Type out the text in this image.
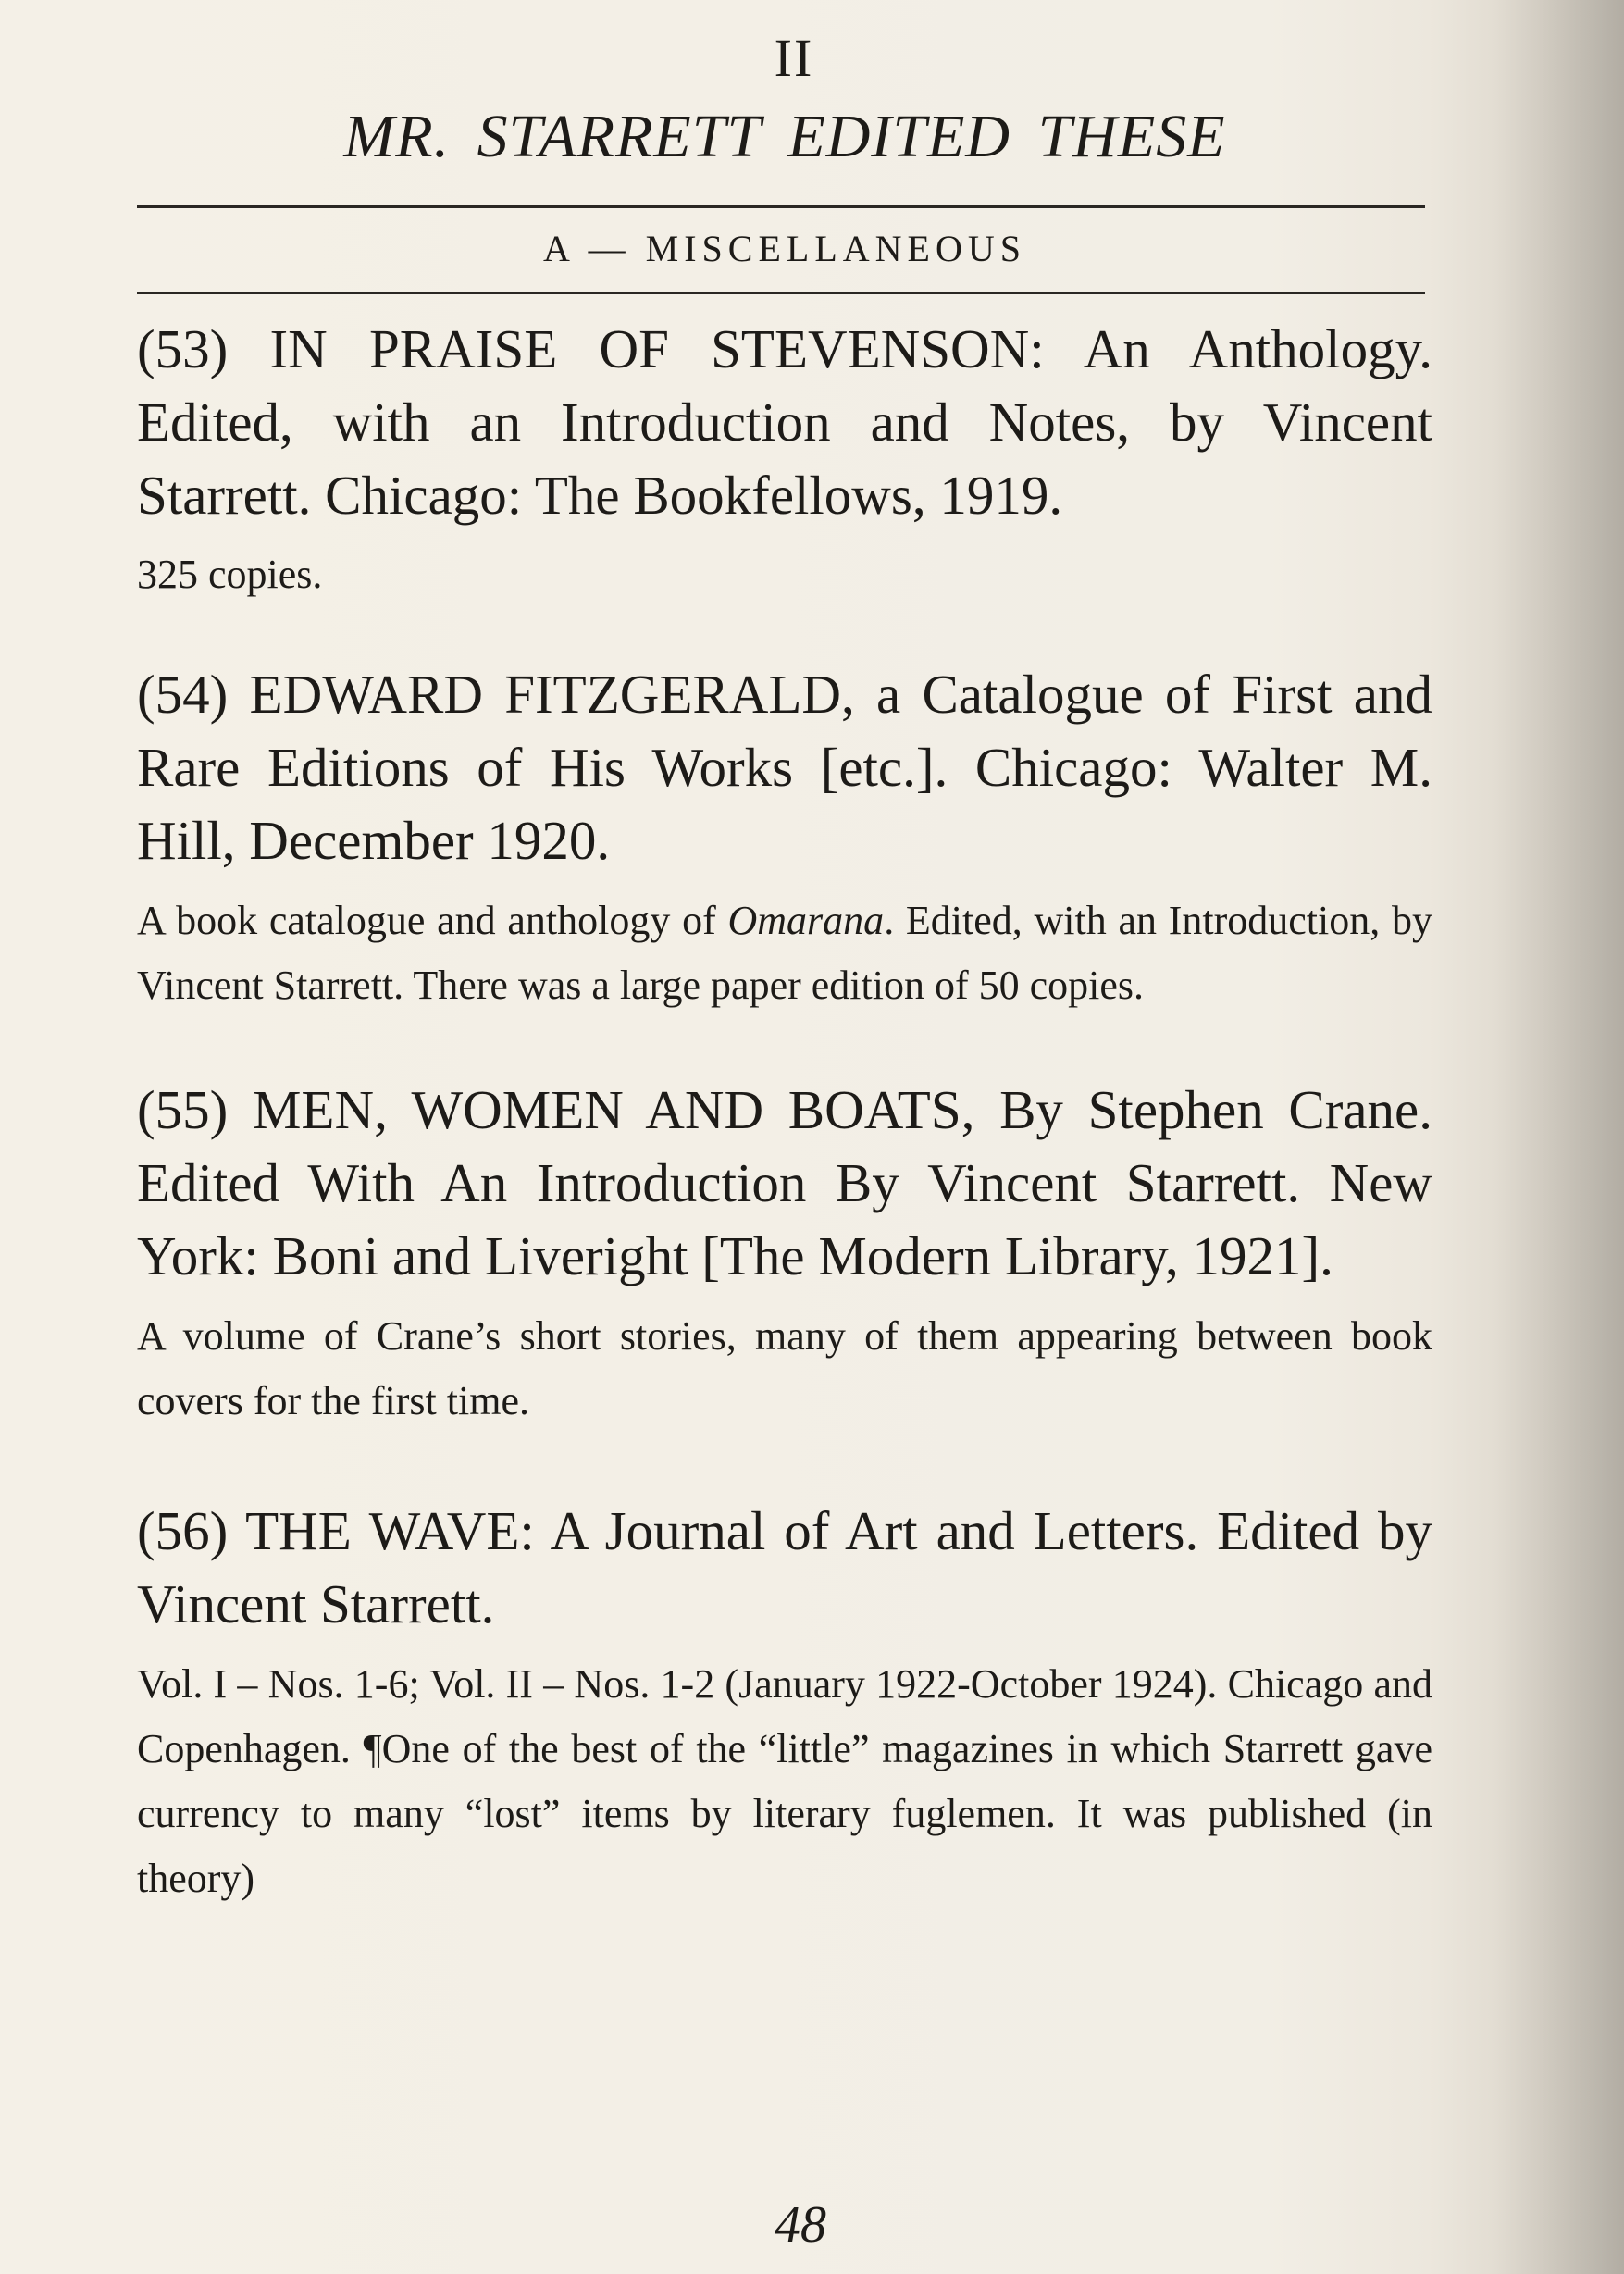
II
MR. STARRETT EDITED THESE
A — MISCELLANEOUS
(53) IN PRAISE OF STEVENSON: An Anthology. Edited, with an Introduction and Notes, by Vincent Starrett. Chicago: The Bookfellows, 1919.
325 copies.
(54) EDWARD FITZGERALD, a Catalogue of First and Rare Editions of His Works [etc.]. Chicago: Walter M. Hill, December 1920.
A book catalogue and anthology of Omarana. Edited, with an Introduction, by Vincent Starrett. There was a large paper edition of 50 copies.
(55) MEN, WOMEN AND BOATS, By Stephen Crane. Edited With An Introduction By Vincent Starrett. New York: Boni and Liveright [The Modern Library, 1921].
A volume of Crane’s short stories, many of them appearing between book covers for the first time.
(56) THE WAVE: A Journal of Art and Letters. Edited by Vincent Starrett.
Vol. I – Nos. 1-6; Vol. II – Nos. 1-2 (January 1922-October 1924). Chicago and Copenhagen. ¶One of the best of the “little” magazines in which Starrett gave currency to many “lost” items by literary fuglemen. It was published (in theory)
48
